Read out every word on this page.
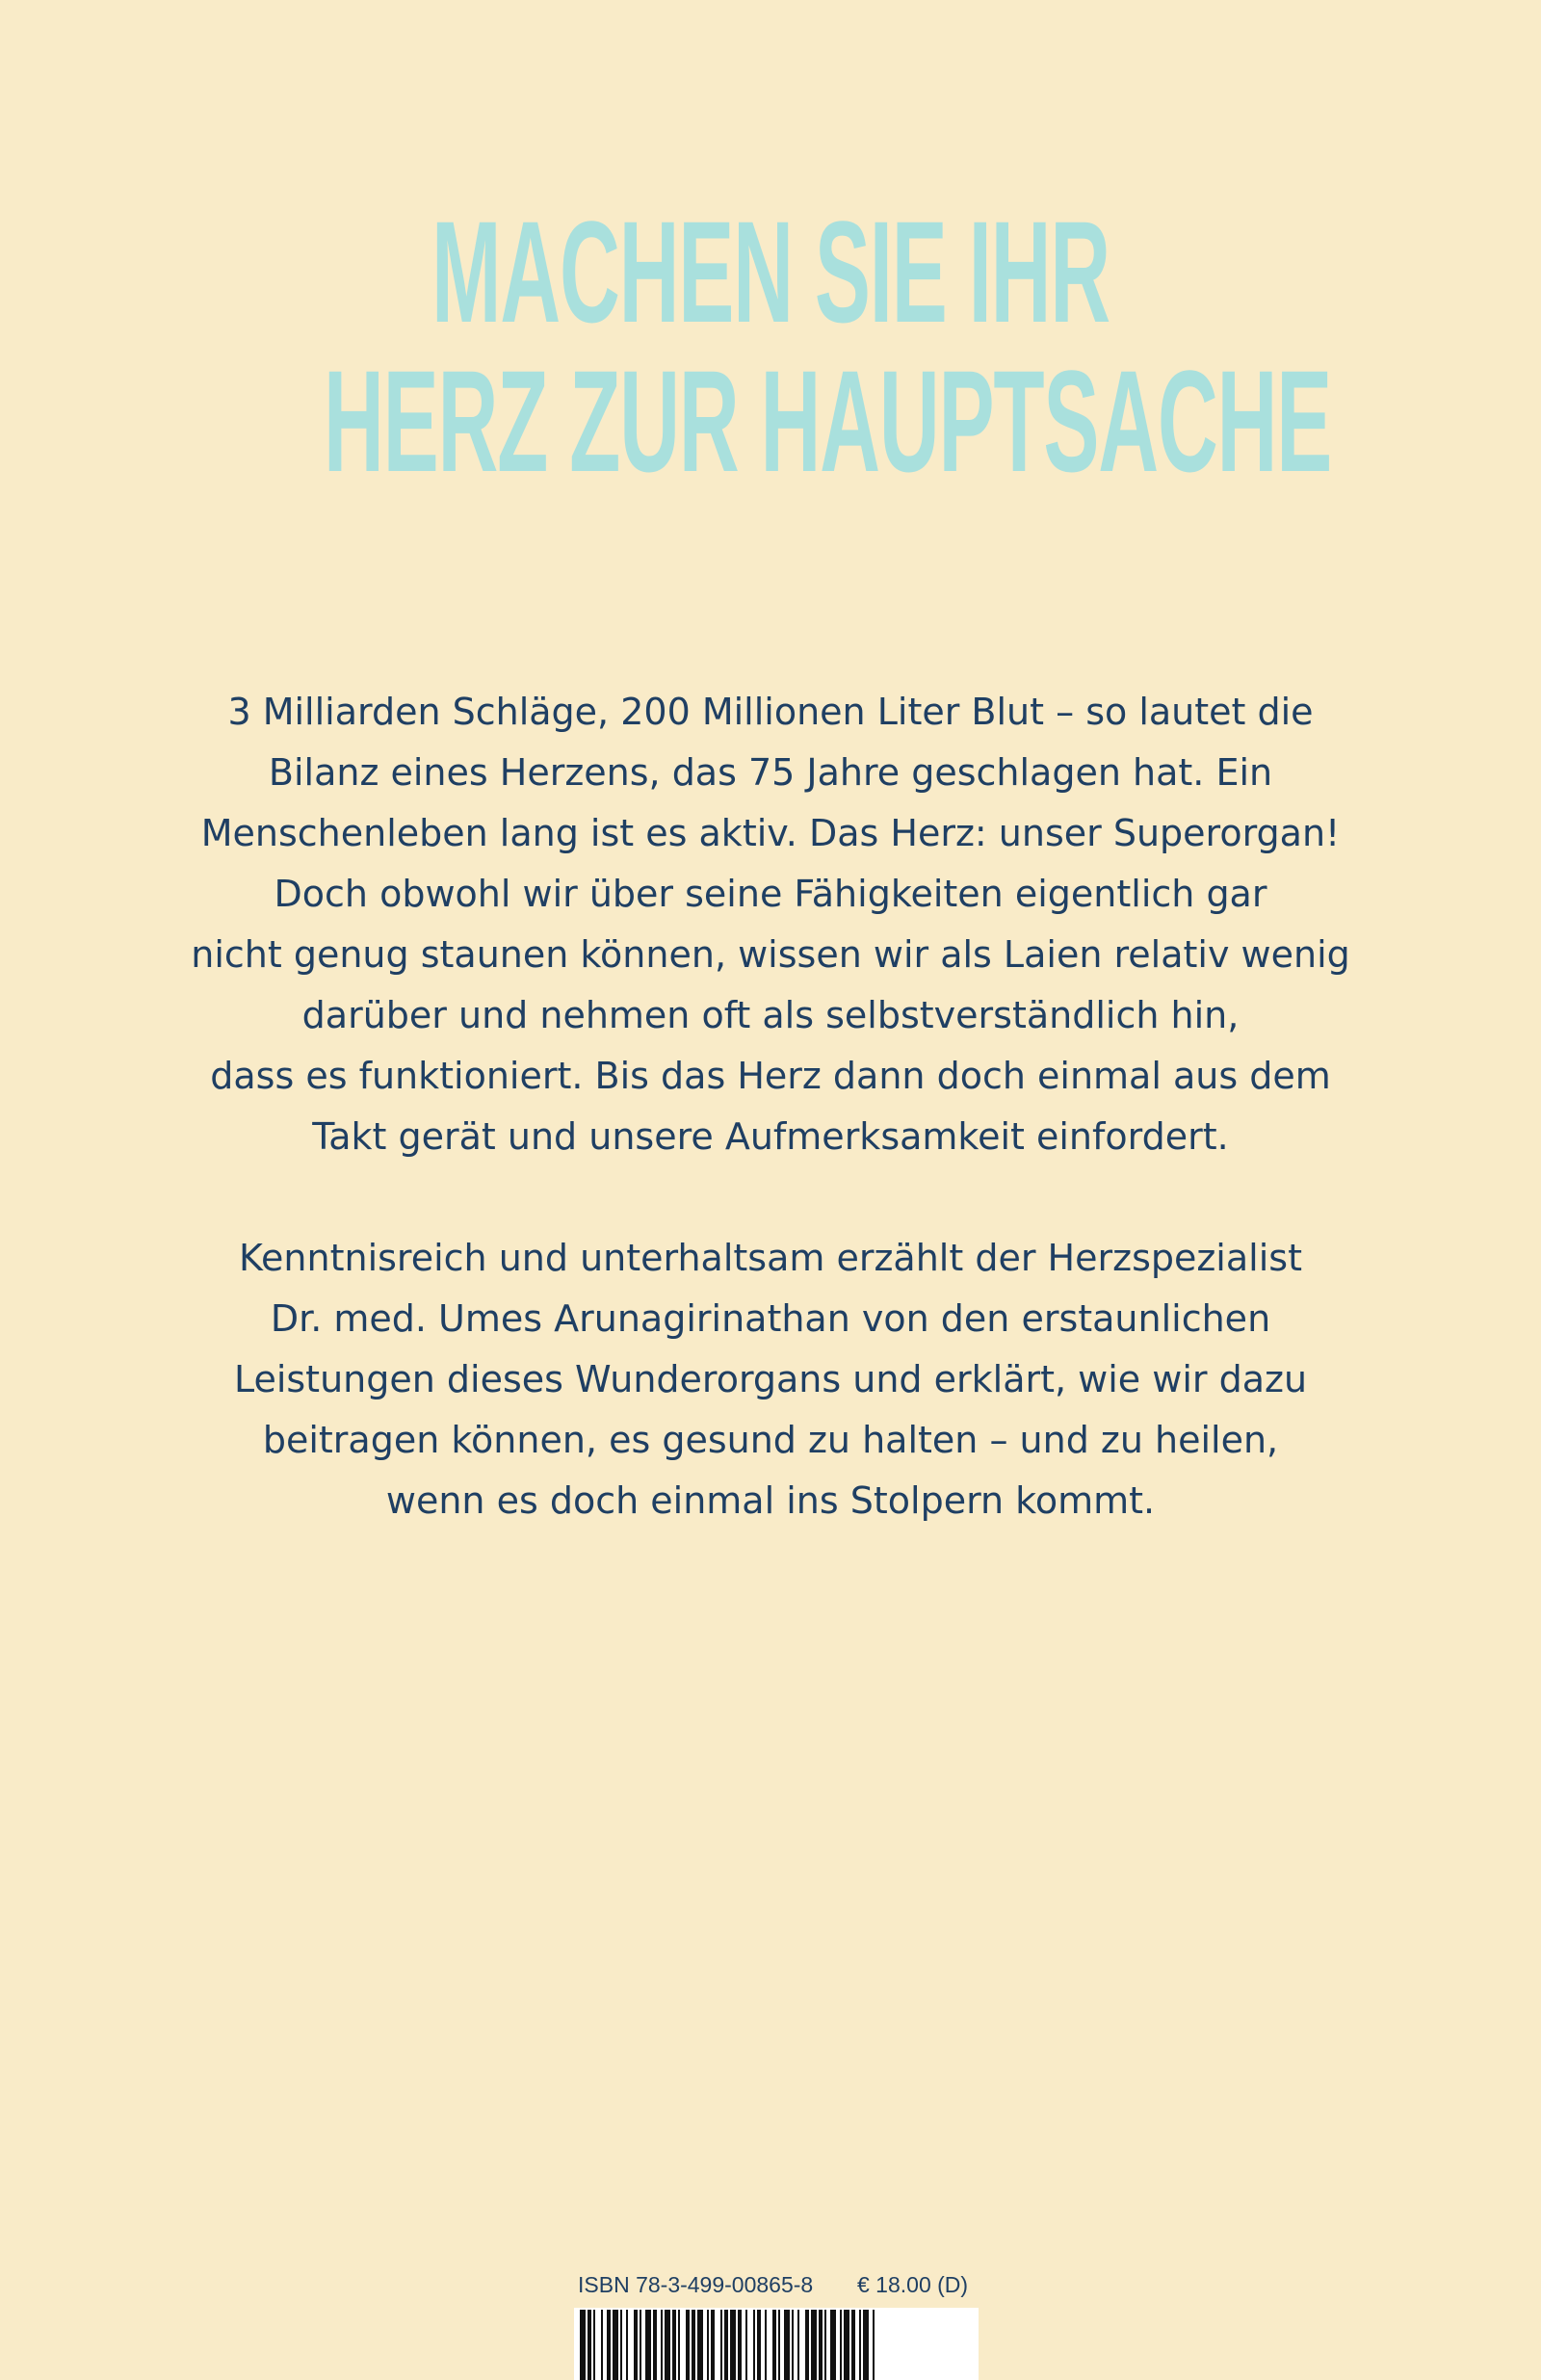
MACHEN SIE IHR
HERZ ZUR HAUPTSACHE
3 Milliarden Schläge, 200 Millionen Liter Blut – so lautet die
Bilanz eines Herzens, das 75 Jahre geschlagen hat. Ein
Menschenleben lang ist es aktiv. Das Herz: unser Superorgan!
Doch obwohl wir über seine Fähigkeiten eigentlich gar
nicht genug staunen können, wissen wir als Laien relativ wenig
darüber und nehmen oft als selbstverständlich hin,
dass es funktioniert. Bis das Herz dann doch einmal aus dem
Takt gerät und unsere Aufmerksamkeit einfordert.
Kenntnisreich und unterhaltsam erzählt der Herzspezialist
Dr. med. Umes Arunagirinathan von den erstaunlichen
Leistungen dieses Wunderorgans und erklärt, wie wir dazu
beitragen können, es gesund zu halten – und zu heilen,
wenn es doch einmal ins Stolpern kommt.
ISBN 78-3-499-00865-8 € 18.00 (D)
